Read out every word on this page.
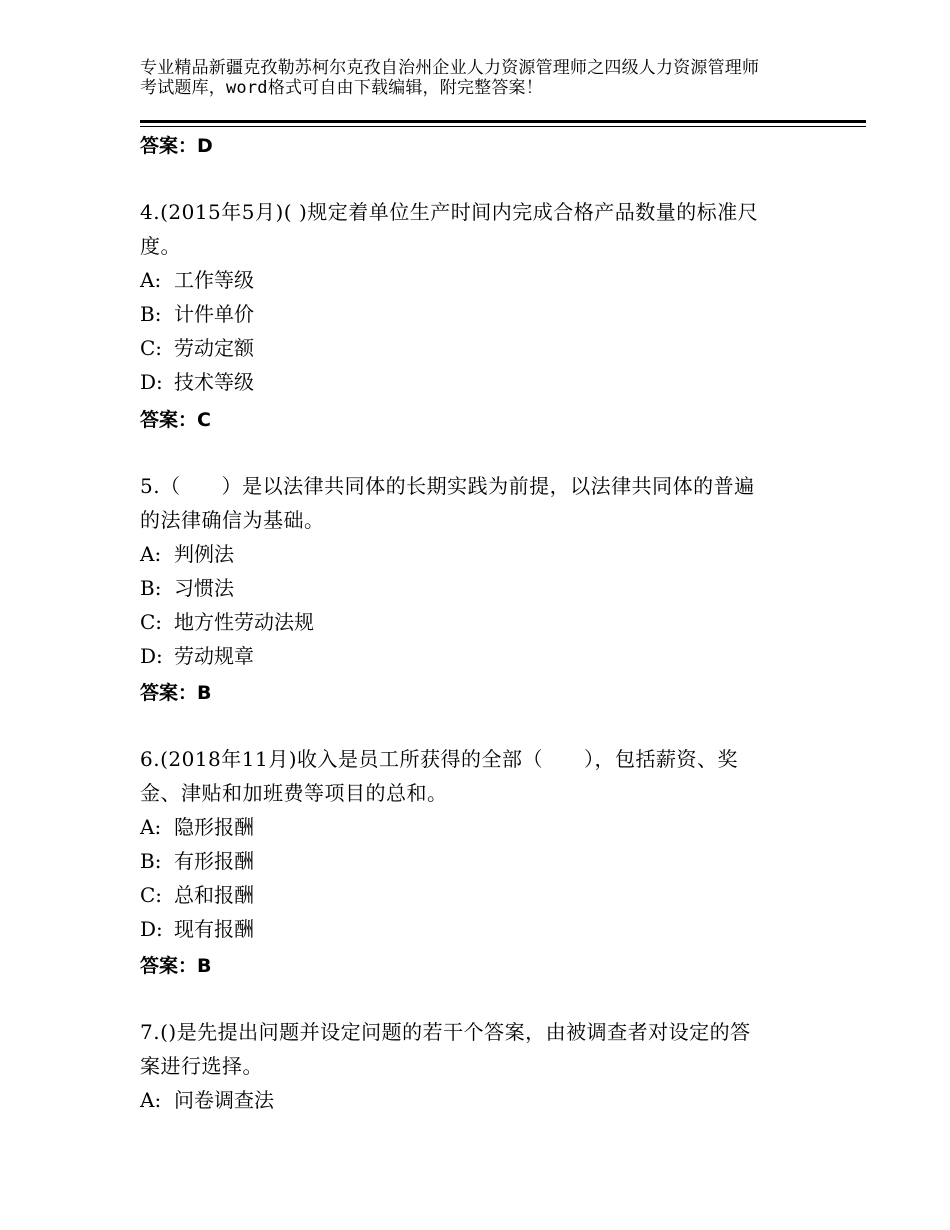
专业精品新疆克孜勒苏柯尔克孜自治州企业人力资源管理师之四级人力资源管理师
考试题库，word格式可自由下载编辑，附完整答案！
答案：D
4.(2015年5月)( )规定着单位生产时间内完成合格产品数量的标准尺
度。
A: 工作等级
B: 计件单价
C: 劳动定额
D: 技术等级
答案：C
5.（　　）是以法律共同体的长期实践为前提，以法律共同体的普遍
的法律确信为基础。
A: 判例法
B: 习惯法
C: 地方性劳动法规
D: 劳动规章
答案：B
6.(2018年11月)收入是员工所获得的全部（　　），包括薪资、奖
金、津贴和加班费等项目的总和。
A: 隐形报酬
B: 有形报酬
C: 总和报酬
D: 现有报酬
答案：B
7.()是先提出问题并设定问题的若干个答案，由被调查者对设定的答
案进行选择。
A: 问卷调查法
